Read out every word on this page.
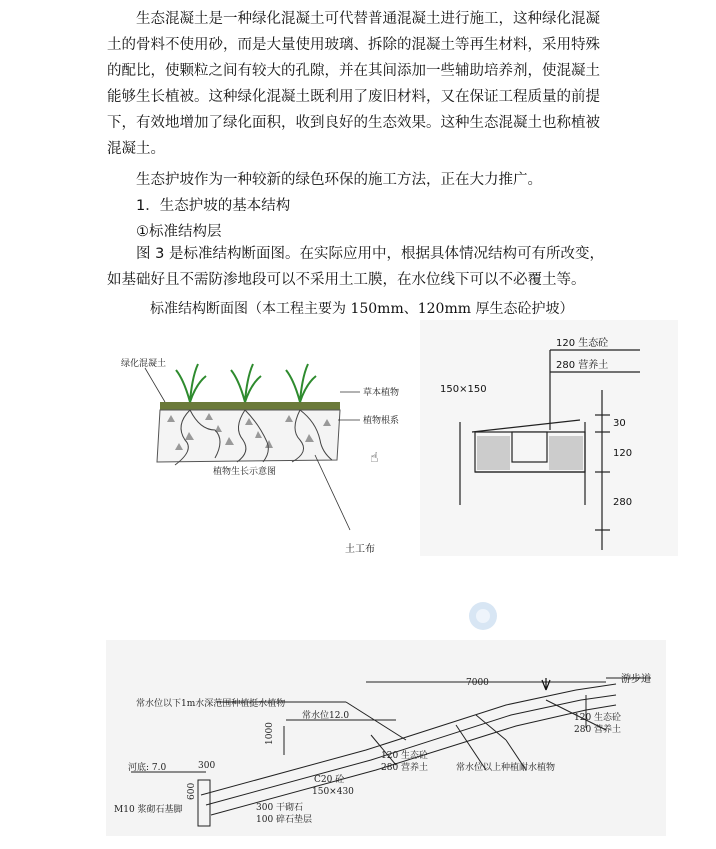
生态混凝土是一种绿化混凝土可代替普通混凝土进行施工，这种绿化混凝土的骨料不使用砂，而是大量使用玻璃、拆除的混凝土等再生材料，采用特殊的配比，使颗粒之间有较大的孔隙，并在其间添加一些辅助培养剂，使混凝土能够生长植被。这种绿化混凝土既利用了废旧材料，又在保证工程质量的前提下，有效地增加了绿化面积，收到良好的生态效果。这种生态混凝土也称植被混凝土。

生态护坡作为一种较新的绿色环保的施工方法，正在大力推广。
1．生态护坡的基本结构
①标准结构层

图 3 是标准结构断面图。在实际应用中，根据具体情况结构可有所改变，如基础好且不需防渗地段可以不采用土工膜，在水位线下可以不必覆土等。

标准结构断面图（本工程主要为 150mm、120mm 厚生态砼护坡）
绿化混凝土
草本植物
植物根系
植物生长示意图
土工布
☝
120 生态砼
280 营养土
150×150
30
120
280
常水位以下1m水深范围种植挺水植物
常水位12.0
1000
7000	游步道
120 生态砼
280 营养土
120 生态砼
280 营养土	常水位以上种植耐水植物
河底: 7.0	300
600
C20 砼
150×430
300 干砌石
100 碎石垫层
M10 浆砌石基脚
